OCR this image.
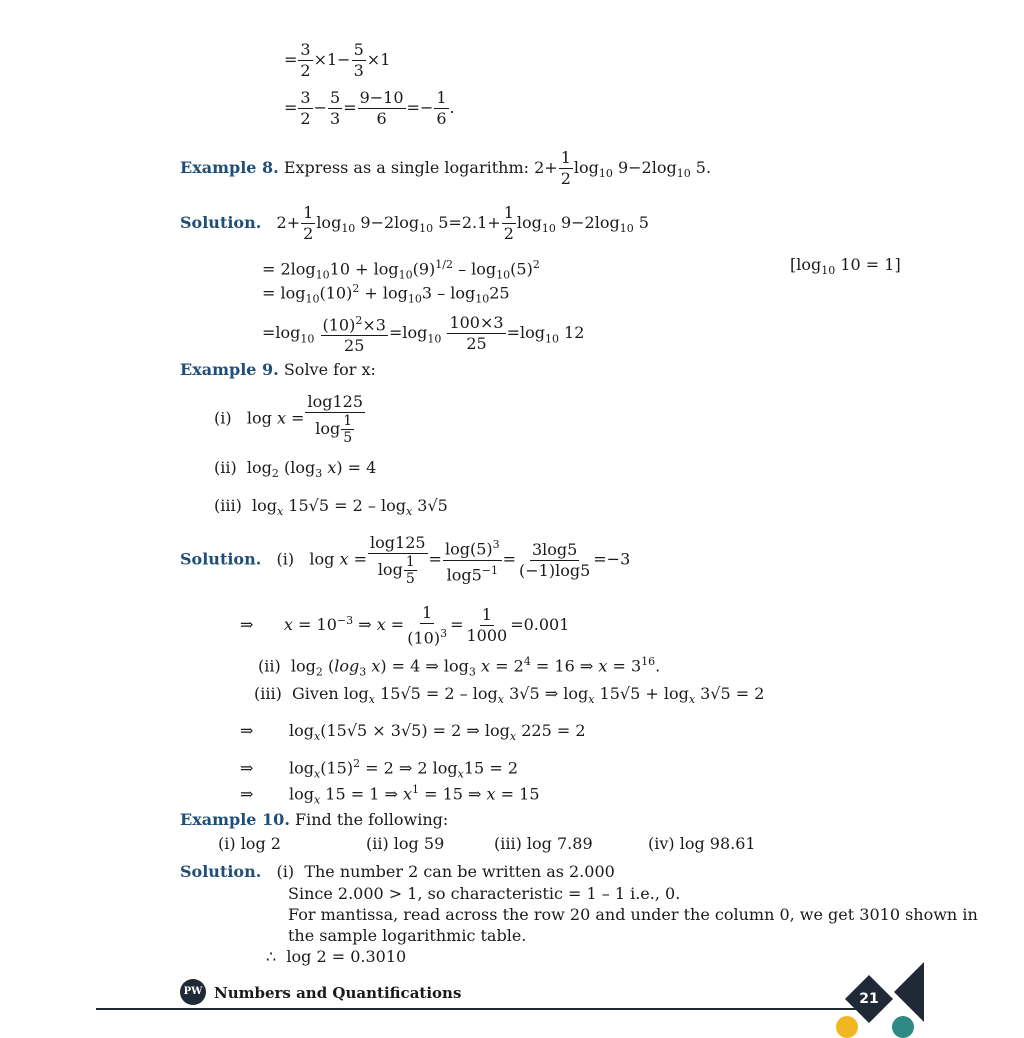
= $\frac{3}{2} \times 1- \frac{5}{3} \times 1$
= $\frac{3}{2} - \frac{5}{3} = \frac{9-10}{6} =- \frac{1}{6}$ .
Example 8. Express as a single logarithm: $2+ \frac{1}{2} \log_{10} 9-2\log_{10}$ 5.
Solution.   $2+ \frac{1}{2} \log_{10} 9-2\log_{10}$ $5=2.1+ \frac{1}{2} \log_{10} 9-2\log_{10}$ 5
= $2\log_{10}10 + \log_{10}(9)^{1/2} - \log_{10}(5)^2$	[$\log_{10}$ 10 = 1]
= $\log_{10}(10)^2 + \log_{10}3 - \log_{10}25$
$=\log_{10} \frac{(10)^2\times 3}{25} =\log_{10} \frac{100\times 3}{25} =\log_{10}$ 12
Example 9. Solve for x:
(i)   $\log x = \frac{\log 125}{\log \frac{1}{5}}$
(ii)  $\log_2 (\log_3$ x) = 4
(iii)  $\log_x 15√5 = 2 - \log_x 3√5$
Solution.   (i)   $\log x = \frac{\log 125}{\log \frac{1}{5}} = \frac{\log(5)^3}{\log 5^{-1}} = \frac{3\log 5}{(-1)\log 5} =-3$
⇒      $x = 10^{-3}$ ⇒ $x = \frac{1}{(10)^3} = \frac{1}{1000} =0.001$
(ii)  $\log_2 (\log_3$ x) = 4 ⇒ $\log_3 x = 2^4 = 16$ ⇒ $x = 3^{16}$.
(iii)  Given $\log_x 15√5 = 2 - \log_x 3√5$ ⇒ $\log_x 15√5 + \log_x 3√5 = 2$
⇒       $\log_x(15√5 \times 3√5) = 2$ ⇒ $\log_x 225 = 2$
⇒       $\log_x(15)^2 = 2$ ⇒ 2 $\log_x15 = 2$
⇒       $\log_x 15 = 1$ ⇒ $x^1 = 15$ ⇒ x = 15
Example 10. Find the following:
(i) log 2	(ii) log 59	(iii) log 7.89	(iv) log 98.61
Solution.   (i)  The number 2 can be written as 2.000
Since 2.000 > 1, so characteristic = 1 – 1 i.e., 0.
For mantissa, read across the row 20 and under the column 0, we get 3010 shown in
the sample logarithmic table.
∴  log 2 = 0.3010
PW Numbers and Quantifications	21
